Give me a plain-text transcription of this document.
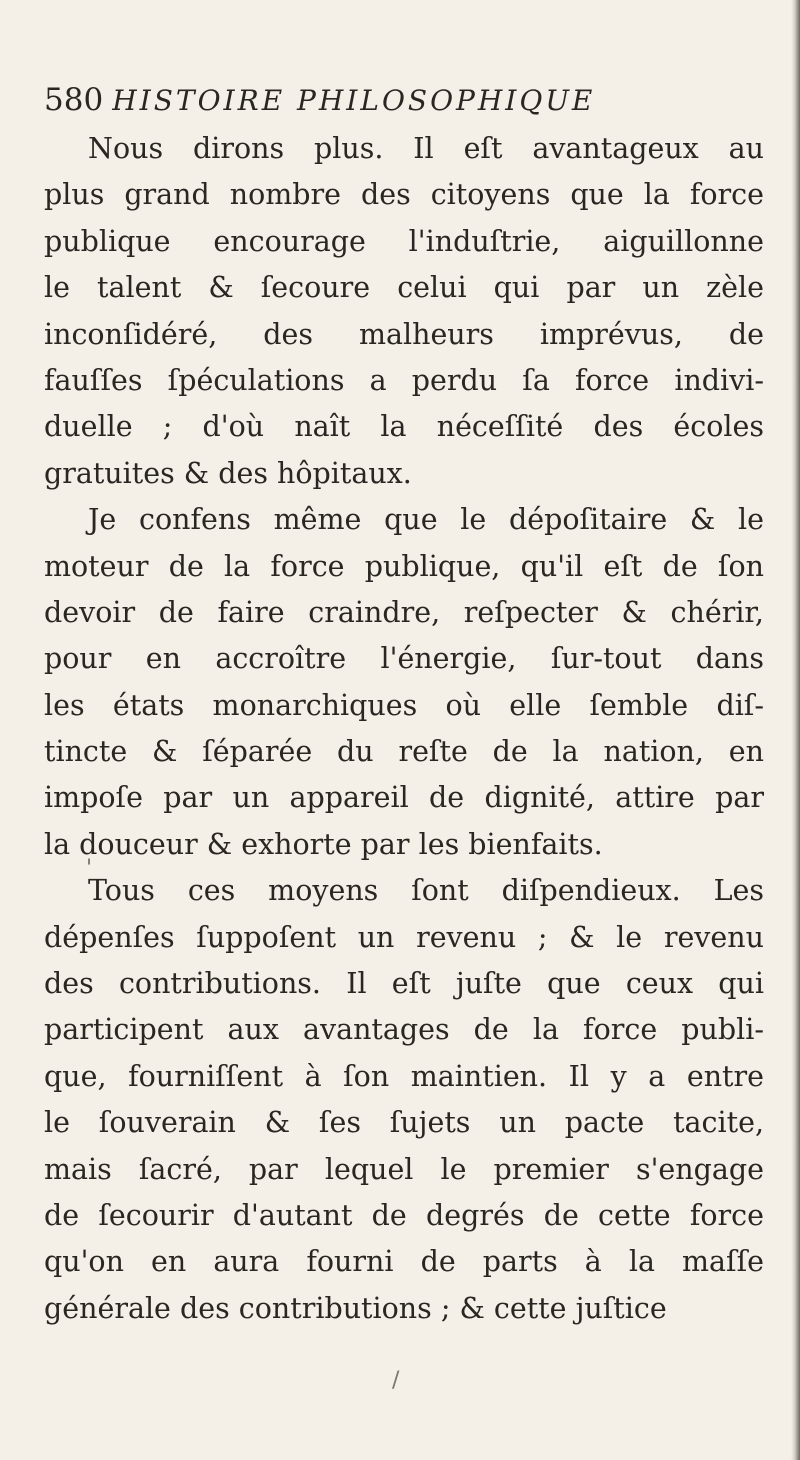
580 HISTOIRE PHILOSOPHIQUE
Nous dirons plus. Il eſt avantageux au
plus grand nombre des citoyens que la force
publique encourage l'induſtrie, aiguillonne
le talent & ſecoure celui qui par un zèle
inconſidéré, des malheurs imprévus, de
fauſſes ſpéculations a perdu ſa force indivi-
duelle ; d'où naît la néceſſité des écoles
gratuites & des hôpitaux.
Je confens même que le dépoſitaire & le
moteur de la force publique, qu'il eſt de ſon
devoir de faire craindre, reſpecter & chérir,
pour en accroître l'énergie, ſur-tout dans
les états monarchiques où elle ſemble diſ-
tincte & ſéparée du reſte de la nation, en
impoſe par un appareil de dignité, attire par
la douceur & exhorte par les bienfaits.
Tous ces moyens ſont diſpendieux. Les
dépenſes ſuppoſent un revenu ; & le revenu
des contributions. Il eſt juſte que ceux qui
participent aux avantages de la force publi-
que, fourniſſent à ſon maintien. Il y a entre
le ſouverain & ſes ſujets un pacte tacite,
mais ſacré, par lequel le premier s'engage
de ſecourir d'autant de degrés de cette force
qu'on en aura fourni de parts à la maſſe
générale des contributions ; & cette juſtice
/
'
